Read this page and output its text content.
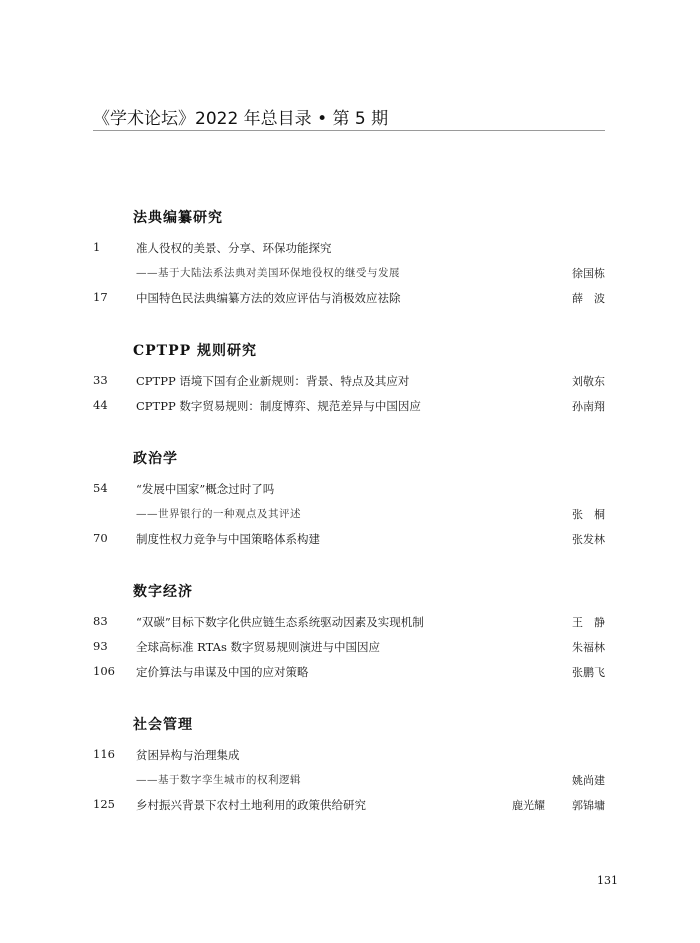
《学术论坛》2022 年总目录 • 第 5 期
法典编纂研究
1	准人役权的美景、分享、环保功能探究
——基于大陆法系法典对美国环保地役权的继受与发展	徐国栋
17 中国特色民法典编纂方法的效应评估与消极效应祛除	薛　波
CPTPP 规则研究
33 CPTPP 语境下国有企业新规则：背景、特点及其应对	刘敬东
44 CPTPP 数字贸易规则：制度博弈、规范差异与中国因应	孙南翔
政治学
54 “发展中国家”概念过时了吗
——世界银行的一种观点及其评述	张　桐
70 制度性权力竞争与中国策略体系构建	张发林
数字经济
83 “双碳”目标下数字化供应链生态系统驱动因素及实现机制	王　静
93 全球高标准 RTAs 数字贸易规则演进与中国因应	朱福林
106 定价算法与串谋及中国的应对策略	张鹏飞
社会管理
116 贫困异构与治理集成
——基于数字孪生城市的权利逻辑	姚尚建
125 乡村振兴背景下农村土地利用的政策供给研究	鹿光耀 郭锦墉
131
